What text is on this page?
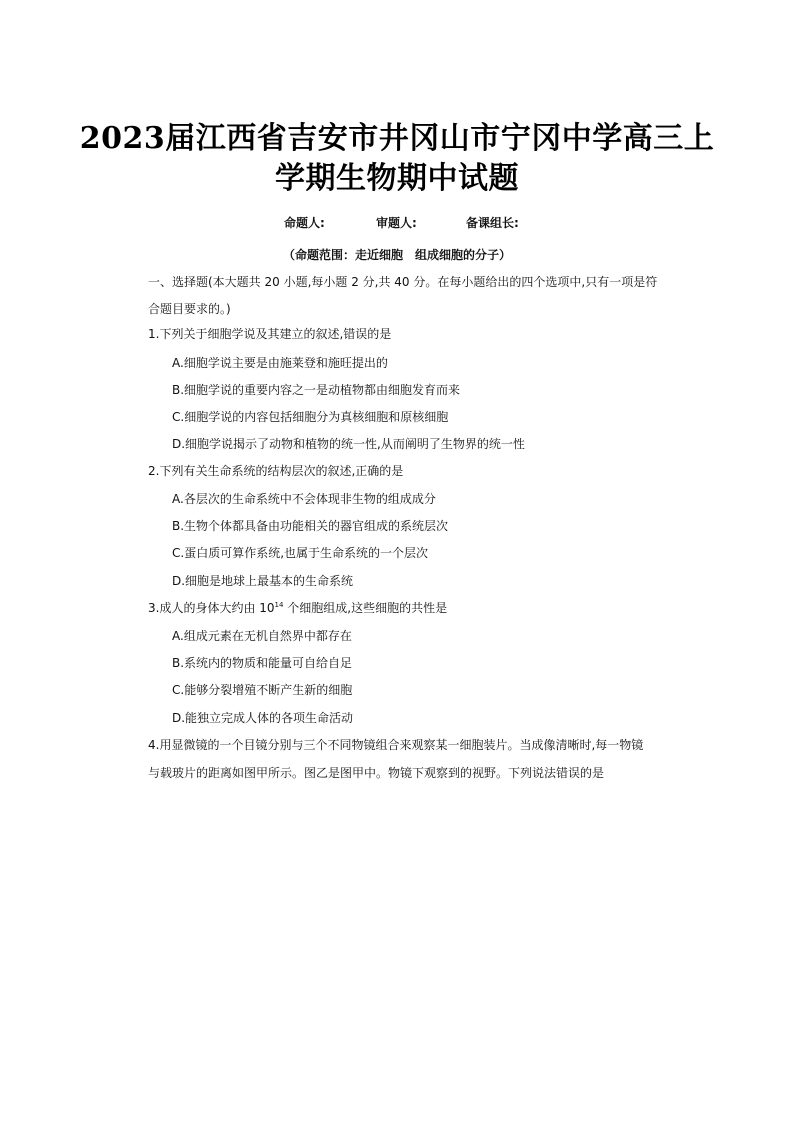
2023届江西省吉安市井冈山市宁冈中学高三上
学期生物期中试题
命题人:	审题人:	备课组长:
（命题范围：走近细胞　组成细胞的分子）
一、选择题(本大题共 20 小题,每小题 2 分,共 40 分。在每小题给出的四个选项中,只有一项是符
合题目要求的。)
1.下列关于细胞学说及其建立的叙述,错误的是
A.细胞学说主要是由施莱登和施旺提出的
B.细胞学说的重要内容之一是动植物都由细胞发育而来
C.细胞学说的内容包括细胞分为真核细胞和原核细胞
D.细胞学说揭示了动物和植物的统一性,从而阐明了生物界的统一性
2.下列有关生命系统的结构层次的叙述,正确的是
A.各层次的生命系统中不会体现非生物的组成成分
B.生物个体都具备由功能相关的器官组成的系统层次
C.蛋白质可算作系统,也属于生命系统的一个层次
D.细胞是地球上最基本的生命系统
3.成人的身体大约由 $10^{14}$ 个细胞组成,这些细胞的共性是
A.组成元素在无机自然界中都存在
B.系统内的物质和能量可自给自足
C.能够分裂增殖不断产生新的细胞
D.能独立完成人体的各项生命活动
4.用显微镜的一个目镜分别与三个不同物镜组合来观察某一细胞装片。当成像清晰时,每一物镜
与载玻片的距离如图甲所示。图乙是图甲中。物镜下观察到的视野。下列说法错误的是
